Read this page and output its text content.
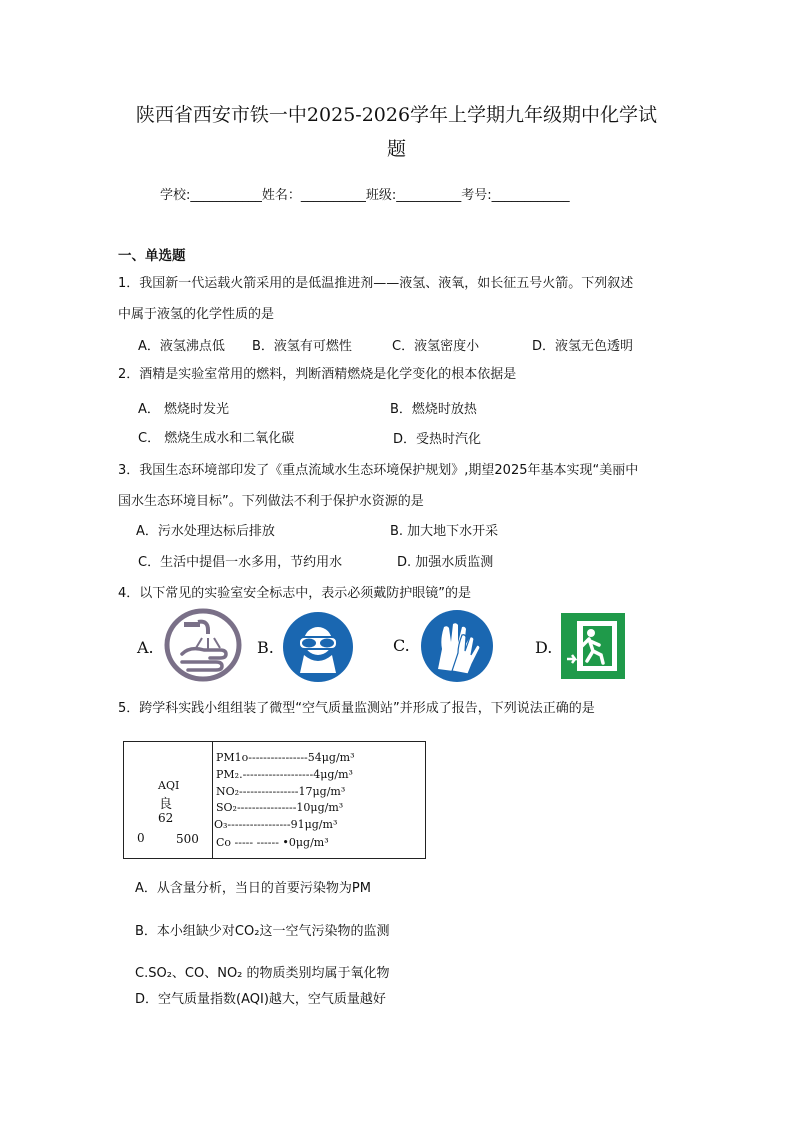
陕西省西安市铁一中2025-2026学年上学期九年级期中化学试
题
学校:___________姓名：__________班级:__________考号:____________
一、单选题
1．我国新一代运载火箭采用的是低温推进剂——液氢、液氧，如长征五号火箭。下列叙述
中属于液氢的化学性质的是
A．液氢沸点低 B．液氢有可燃性	C．液氢密度小	D．液氢无色透明
2．酒精是实验室常用的燃料，判断酒精燃烧是化学变化的根本依据是
A． 燃烧时发光	B．燃烧时放热
C． 燃烧生成水和二氧化碳	D．受热时汽化
3．我国生态环境部印发了《重点流域水生态环境保护规划》,期望2025年基本实现“美丽中
国水生态环境目标”。下列做法不利于保护水资源的是
A．污水处理达标后排放	B. 加大地下水开采
C．生活中提倡一水多用，节约用水	D. 加强水质监测
4．以下常见的实验室安全标志中，表示必须戴防护眼镜”的是
A.	B.	C.	D.
5．跨学科实践小组组装了微型“空气质量监测站”并形成了报告，下列说法正确的是
AQI
良
62
0	500
PM1o----------------54μg/m³
PM₂.-------------------4μg/m³
NO₂----------------17μg/m³
SO₂----------------10μg/m³
O₃-----------------91μg/m³
Co ----- ------ •0μg/m³
A．从含量分析，当日的首要污染物为PM
B．本小组缺少对CO₂这一空气污染物的监测
C.SO₂、CO、NO₂ 的物质类别均属于氧化物
D．空气质量指数(AQI)越大，空气质量越好
